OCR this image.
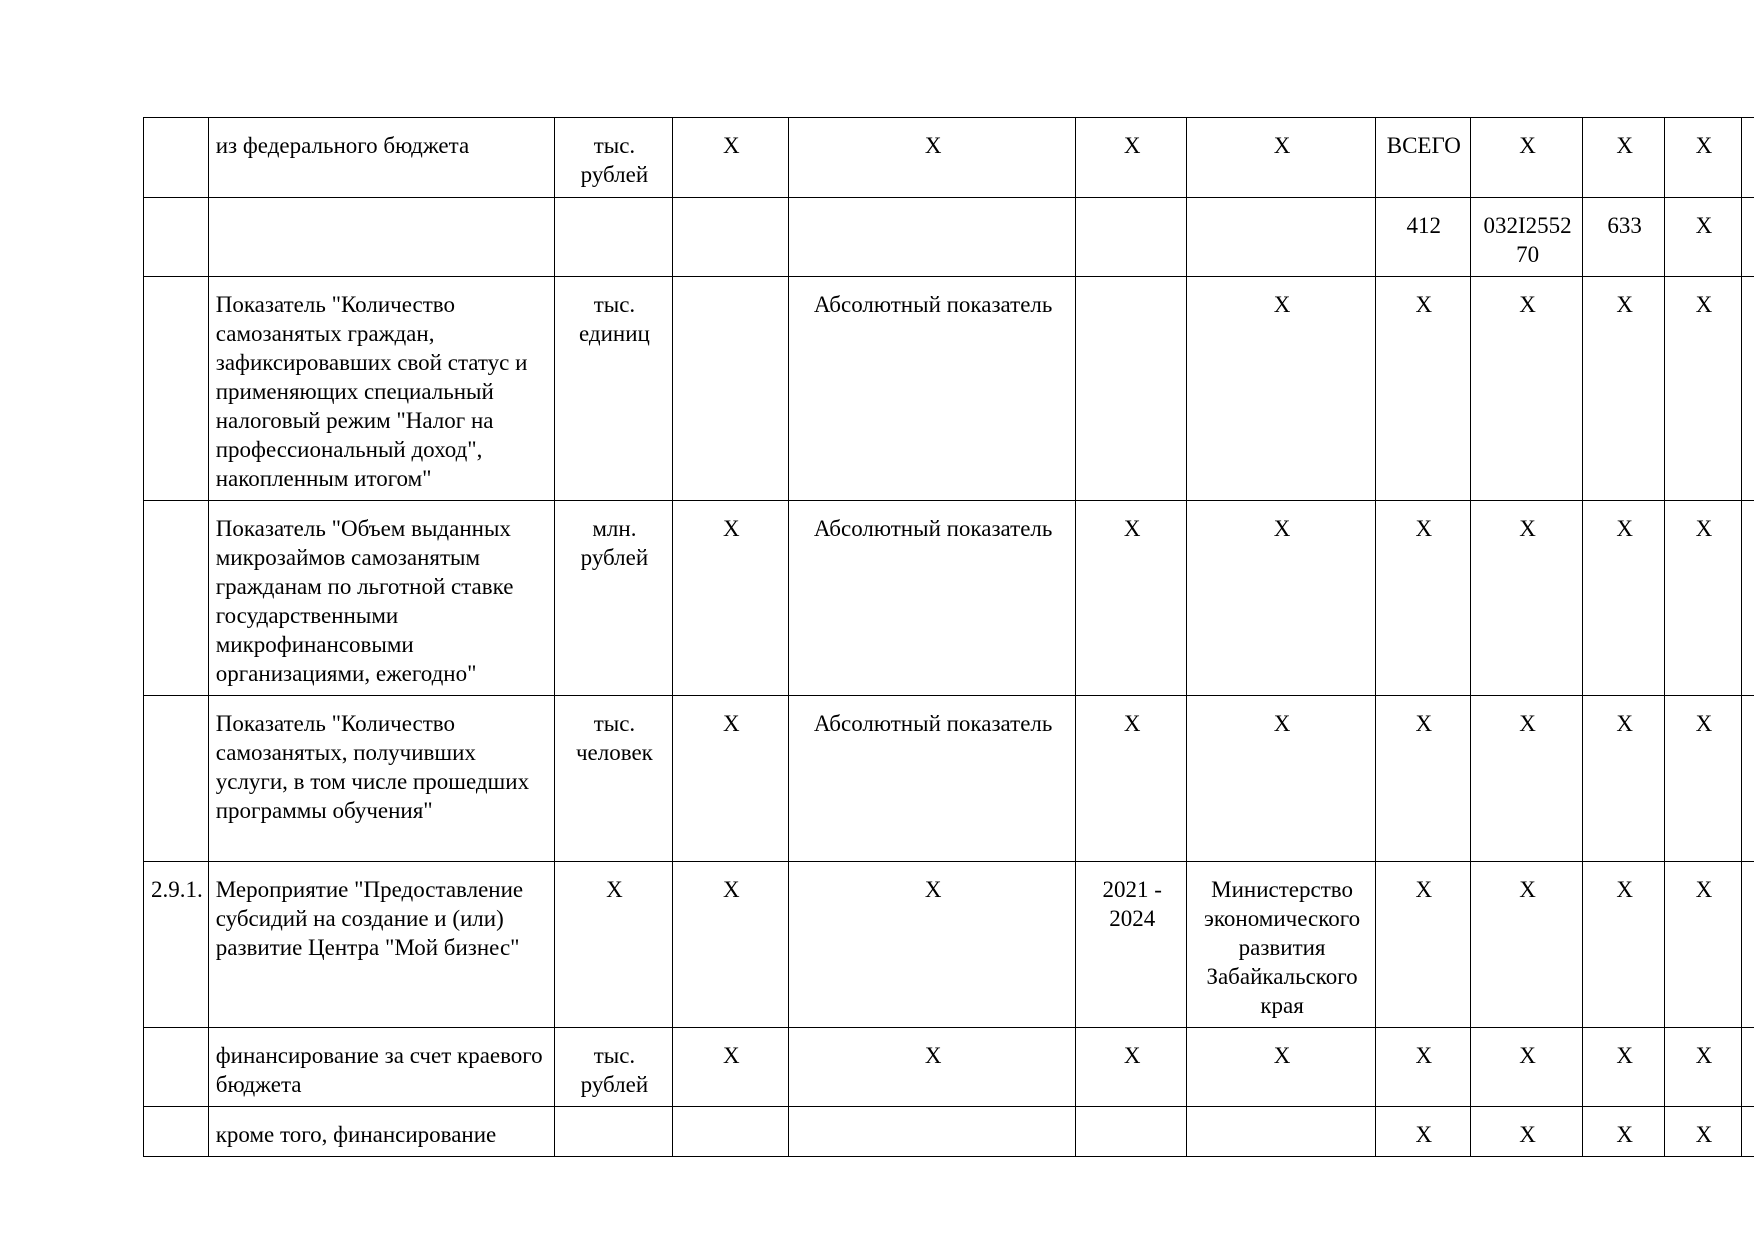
	из федерального бюджета	тыс. рублей	X	X	X	X	ВСЕГО	X	X	X	
							412	032I2552 70	633	X	
	Показатель "Количество самозанятых граждан, зафиксировавших свой статус и применяющих специальный налоговый режим "Налог на профессиональный доход", накопленным итогом"	тыс. единиц		Абсолютный показатель		X	X	X	X	X	
	Показатель "Объем выданных микрозаймов самозанятым гражданам по льготной ставке государственными микрофинансовыми организациями, ежегодно"	млн. рублей	X	Абсолютный показатель	X	X	X	X	X	X	
	Показатель "Количество самозанятых, получивших услуги, в том числе прошедших программы обучения"	тыс. человек	X	Абсолютный показатель	X	X	X	X	X	X	
2.9.1.	Мероприятие "Предоставление субсидий на создание и (или) развитие Центра "Мой бизнес"	X	X	X	2021 - 2024	Министерство экономического развития Забайкальского края	X	X	X	X	
	финансирование за счет краевого бюджета	тыс. рублей	X	X	X	X	X	X	X	X	
	кроме того, финансирование						X	X	X	X	
